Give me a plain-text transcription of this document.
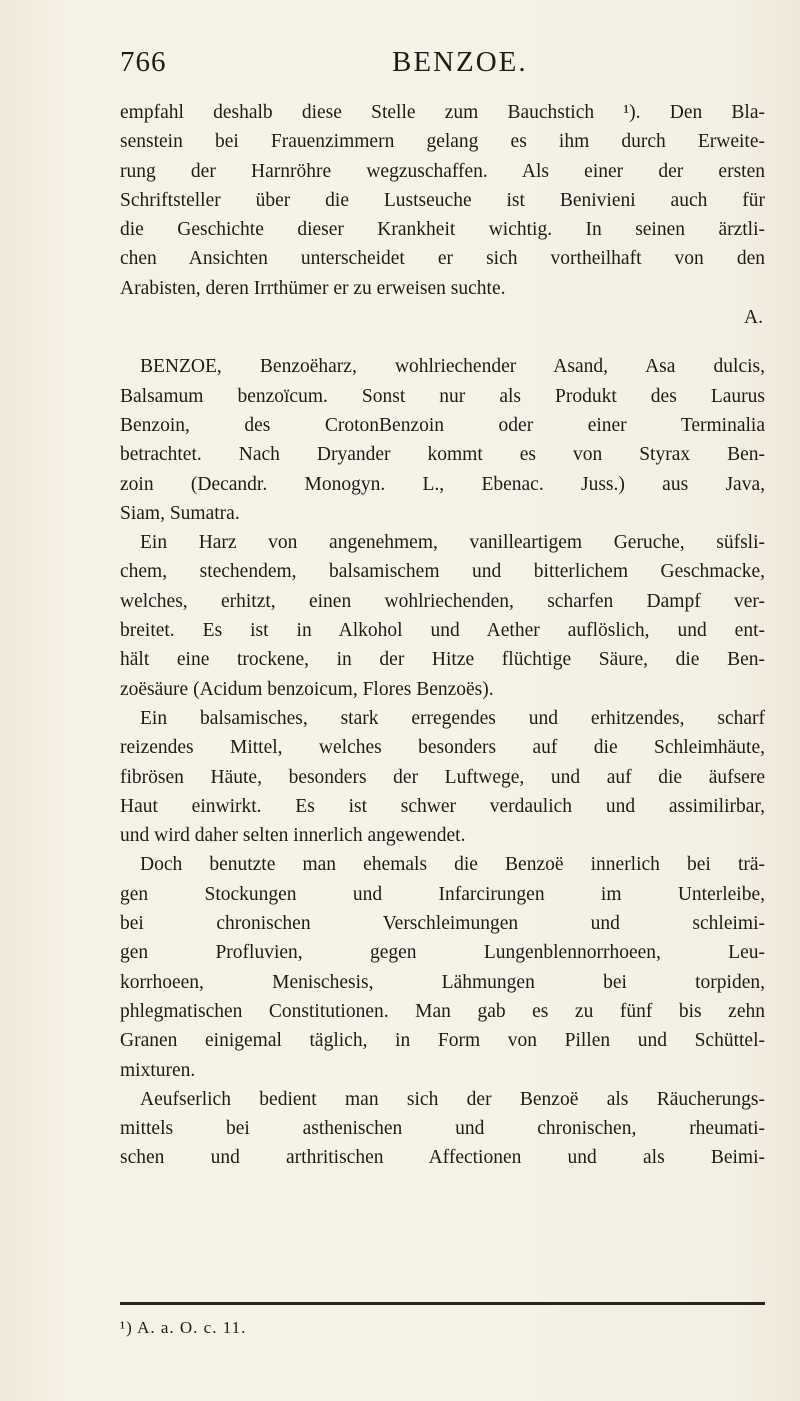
766	BENZOE.
empfahl deshalb diese Stelle zum Bauchstich ¹). Den Bla-
senstein bei Frauenzimmern gelang es ihm durch Erweite-
rung der Harnröhre wegzuschaffen. Als einer der ersten
Schriftsteller über die Lustseuche ist Benivieni auch für
die Geschichte dieser Krankheit wichtig. In seinen ärztli-
chen Ansichten unterscheidet er sich vortheilhaft von den
Arabisten, deren Irrthümer er zu erweisen suchte.
A.
BENZOE, Benzoëharz, wohlriechender Asand, Asa dulcis,
Balsamum benzoïcum. Sonst nur als Produkt des Laurus
Benzoin, des CrotonBenzoin oder einer Terminalia
betrachtet. Nach Dryander kommt es von Styrax Ben-
zoin (Decandr. Monogyn. L., Ebenac. Juss.) aus Java,
Siam, Sumatra.
Ein Harz von angenehmem, vanilleartigem Geruche, süfsli-
chem, stechendem, balsamischem und bitterlichem Geschmacke,
welches, erhitzt, einen wohlriechenden, scharfen Dampf ver-
breitet. Es ist in Alkohol und Aether auflöslich, und ent-
hält eine trockene, in der Hitze flüchtige Säure, die Ben-
zoësäure (Acidum benzoicum, Flores Benzoës).
Ein balsamisches, stark erregendes und erhitzendes, scharf
reizendes Mittel, welches besonders auf die Schleimhäute,
fibrösen Häute, besonders der Luftwege, und auf die äufsere
Haut einwirkt. Es ist schwer verdaulich und assimilirbar,
und wird daher selten innerlich angewendet.
Doch benutzte man ehemals die Benzoë innerlich bei trä-
gen Stockungen und Infarcirungen im Unterleibe,
bei chronischen Verschleimungen und schleimi-
gen Profluvien, gegen Lungenblennorrhoeen, Leu-
korrhoeen, Menischesis, Lähmungen bei torpiden,
phlegmatischen Constitutionen. Man gab es zu fünf bis zehn
Granen einigemal täglich, in Form von Pillen und Schüttel-
mixturen.
Aeufserlich bedient man sich der Benzoë als Räucherungs-
mittels bei asthenischen und chronischen, rheumati-
schen und arthritischen Affectionen und als Beimi-
¹) A. a. O. c. 11.
